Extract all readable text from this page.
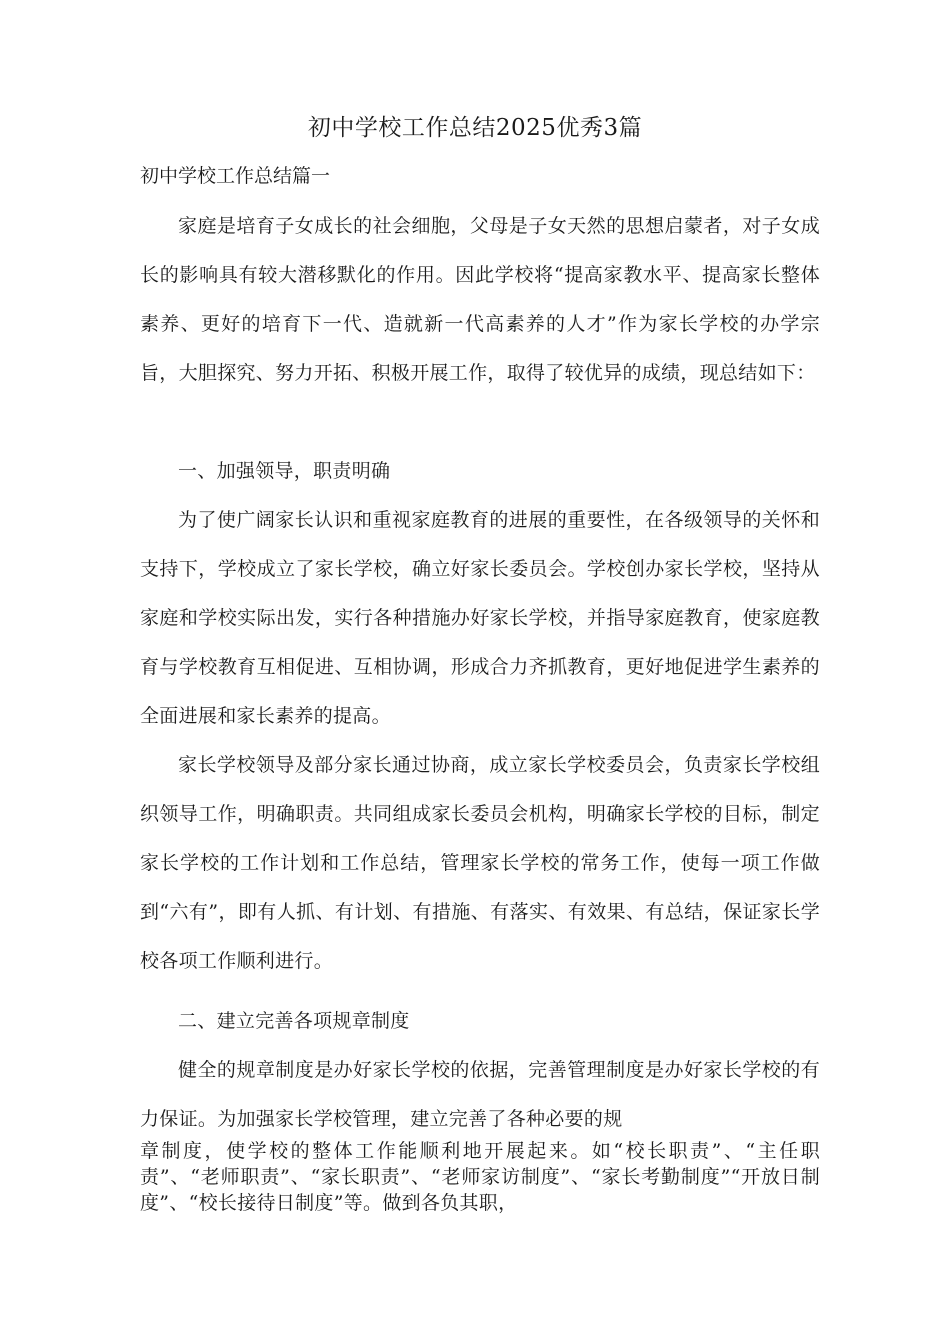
初中学校工作总结2025优秀3篇

初中学校工作总结篇一

家庭是培育子女成长的社会细胞，父母是子女天然的思想启蒙者，对子女成长的影响具有较大潜移默化的作用。因此学校将“提高家教水平、提高家长整体素养、更好的培育下一代、造就新一代高素养的人才”作为家长学校的办学宗旨，大胆探究、努力开拓、积极开展工作，取得了较优异的成绩，现总结如下：

一、加强领导，职责明确

为了使广阔家长认识和重视家庭教育的进展的重要性，在各级领导的关怀和支持下，学校成立了家长学校，确立好家长委员会。学校创办家长学校，坚持从家庭和学校实际出发，实行各种措施办好家长学校，并指导家庭教育，使家庭教育与学校教育互相促进、互相协调，形成合力齐抓教育，更好地促进学生素养的全面进展和家长素养的提高。

家长学校领导及部分家长通过协商，成立家长学校委员会，负责家长学校组织领导工作，明确职责。共同组成家长委员会机构，明确家长学校的目标，制定家长学校的工作计划和工作总结，管理家长学校的常务工作，使每一项工作做到“六有”，即有人抓、有计划、有措施、有落实、有效果、有总结，保证家长学校各项工作顺利进行。

二、建立完善各项规章制度

健全的规章制度是办好家长学校的依据，完善管理制度是办好家长学校的有力保证。为加强家长学校管理，建立完善了各种必要的规

章制度，使学校的整体工作能顺利地开展起来。如“校长职责”、“主任职责”、“老师职责”、“家长职责”、“老师家访制度”、“家长考勤制度”“开放日制度”、“校长接待日制度”等。做到各负其职，
